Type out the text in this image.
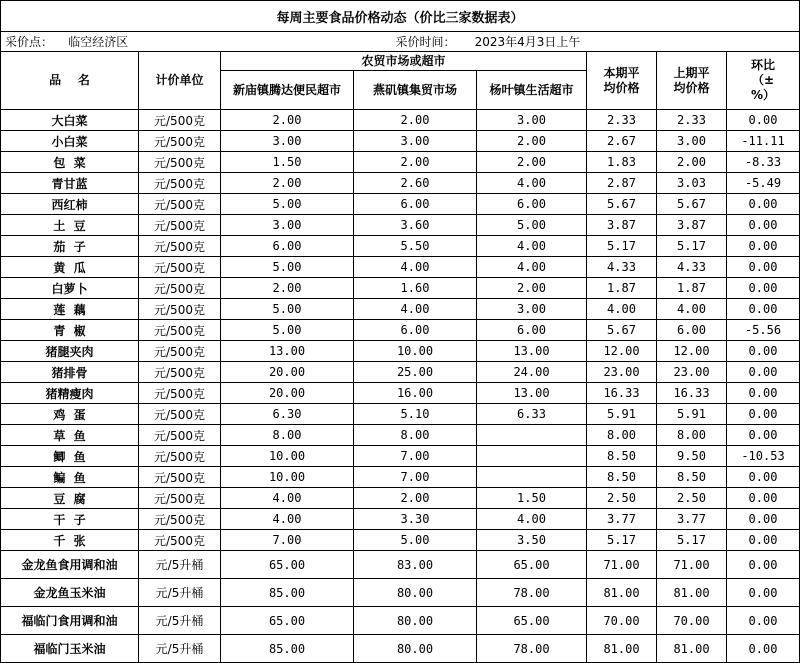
每周主要食品价格动态（价比三家数据表）							
采价点： 临空经济区			采价时间： 2023年4月3日上午				
品    名	计价单位	农贸市场或超市			本期平均价格	上期平均价格	环比（±%）

		新庙镇腾达便民超市	燕矶镇集贸市场	杨叶镇生活超市			
大白菜	元/500克	2.00	2.00	3.00	2.33	2.33	0.00
小白菜	元/500克	3.00	3.00	2.00	2.67	3.00	-11.11
包  菜	元/500克	1.50	2.00	2.00	1.83	2.00	-8.33
青甘蓝	元/500克	2.00	2.60	4.00	2.87	3.03	-5.49
西红柿	元/500克	5.00	6.00	6.00	5.67	5.67	0.00
土  豆	元/500克	3.00	3.60	5.00	3.87	3.87	0.00
茄  子	元/500克	6.00	5.50	4.00	5.17	5.17	0.00
黄  瓜	元/500克	5.00	4.00	4.00	4.33	4.33	0.00
白萝卜	元/500克	2.00	1.60	2.00	1.87	1.87	0.00
莲  藕	元/500克	5.00	4.00	3.00	4.00	4.00	0.00
青  椒	元/500克	5.00	6.00	6.00	5.67	6.00	-5.56
猪腿夹肉	元/500克	13.00	10.00	13.00	12.00	12.00	0.00
猪排骨	元/500克	20.00	25.00	24.00	23.00	23.00	0.00
猪精瘦肉	元/500克	20.00	16.00	13.00	16.33	16.33	0.00
鸡  蛋	元/500克	6.30	5.10	6.33	5.91	5.91	0.00
草  鱼	元/500克	8.00	8.00		8.00	8.00	0.00
鲫  鱼	元/500克	10.00	7.00		8.50	9.50	-10.53
鳊  鱼	元/500克	10.00	7.00		8.50	8.50	0.00
豆  腐	元/500克	4.00	2.00	1.50	2.50	2.50	0.00
干  子	元/500克	4.00	3.30	4.00	3.77	3.77	0.00
千  张	元/500克	7.00	5.00	3.50	5.17	5.17	0.00
金龙鱼食用调和油	元/5升桶	65.00	83.00	65.00	71.00	71.00	0.00
金龙鱼玉米油	元/5升桶	85.00	80.00	78.00	81.00	81.00	0.00
福临门食用调和油	元/5升桶	65.00	80.00	65.00	70.00	70.00	0.00
福临门玉米油	元/5升桶	85.00	80.00	78.00	81.00	81.00	0.00
